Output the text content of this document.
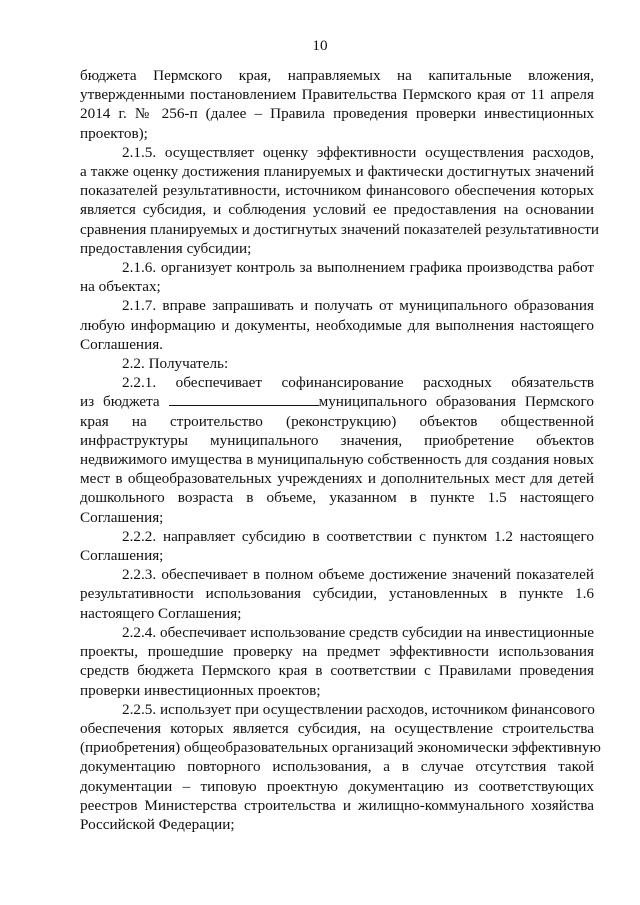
10

бюджета Пермского края, направляемых на капитальные вложения,
утвержденными постановлением Правительства Пермского края от 11 апреля
2014 г. № 256-п (далее – Правила проведения проверки инвестиционных
проектов);

2.1.5. осуществляет оценку эффективности осуществления расходов,
а также оценку достижения планируемых и фактически достигнутых значений
показателей результативности, источником финансового обеспечения которых
является субсидия, и соблюдения условий ее предоставления на основании
сравнения планируемых и достигнутых значений показателей результативности
предоставления субсидии;

2.1.6. организует контроль за выполнением графика производства работ
на объектах;

2.1.7. вправе запрашивать и получать от муниципального образования
любую информацию и документы, необходимые для выполнения настоящего
Соглашения.

2.2. Получатель:

2.2.1. обеспечивает софинансирование расходных обязательств
из бюджета	муниципального образования Пермского
края на строительство (реконструкцию) объектов общественной
инфраструктуры муниципального значения, приобретение объектов
недвижимого имущества в муниципальную собственность для создания новых
мест в общеобразовательных учреждениях и дополнительных мест для детей
дошкольного возраста в объеме, указанном в пункте 1.5 настоящего
Соглашения;

2.2.2. направляет субсидию в соответствии с пунктом 1.2 настоящего
Соглашения;

2.2.3. обеспечивает в полном объеме достижение значений показателей
результативности использования субсидии, установленных в пункте 1.6
настоящего Соглашения;

2.2.4. обеспечивает использование средств субсидии на инвестиционные
проекты, прошедшие проверку на предмет эффективности использования
средств бюджета Пермского края в соответствии с Правилами проведения
проверки инвестиционных проектов;

2.2.5. использует при осуществлении расходов, источником финансового
обеспечения которых является субсидия, на осуществление строительства
(приобретения) общеобразовательных организаций экономически эффективную
документацию повторного использования, а в случае отсутствия такой
документации – типовую проектную документацию из соответствующих
реестров Министерства строительства и жилищно-коммунального хозяйства
Российской Федерации;
